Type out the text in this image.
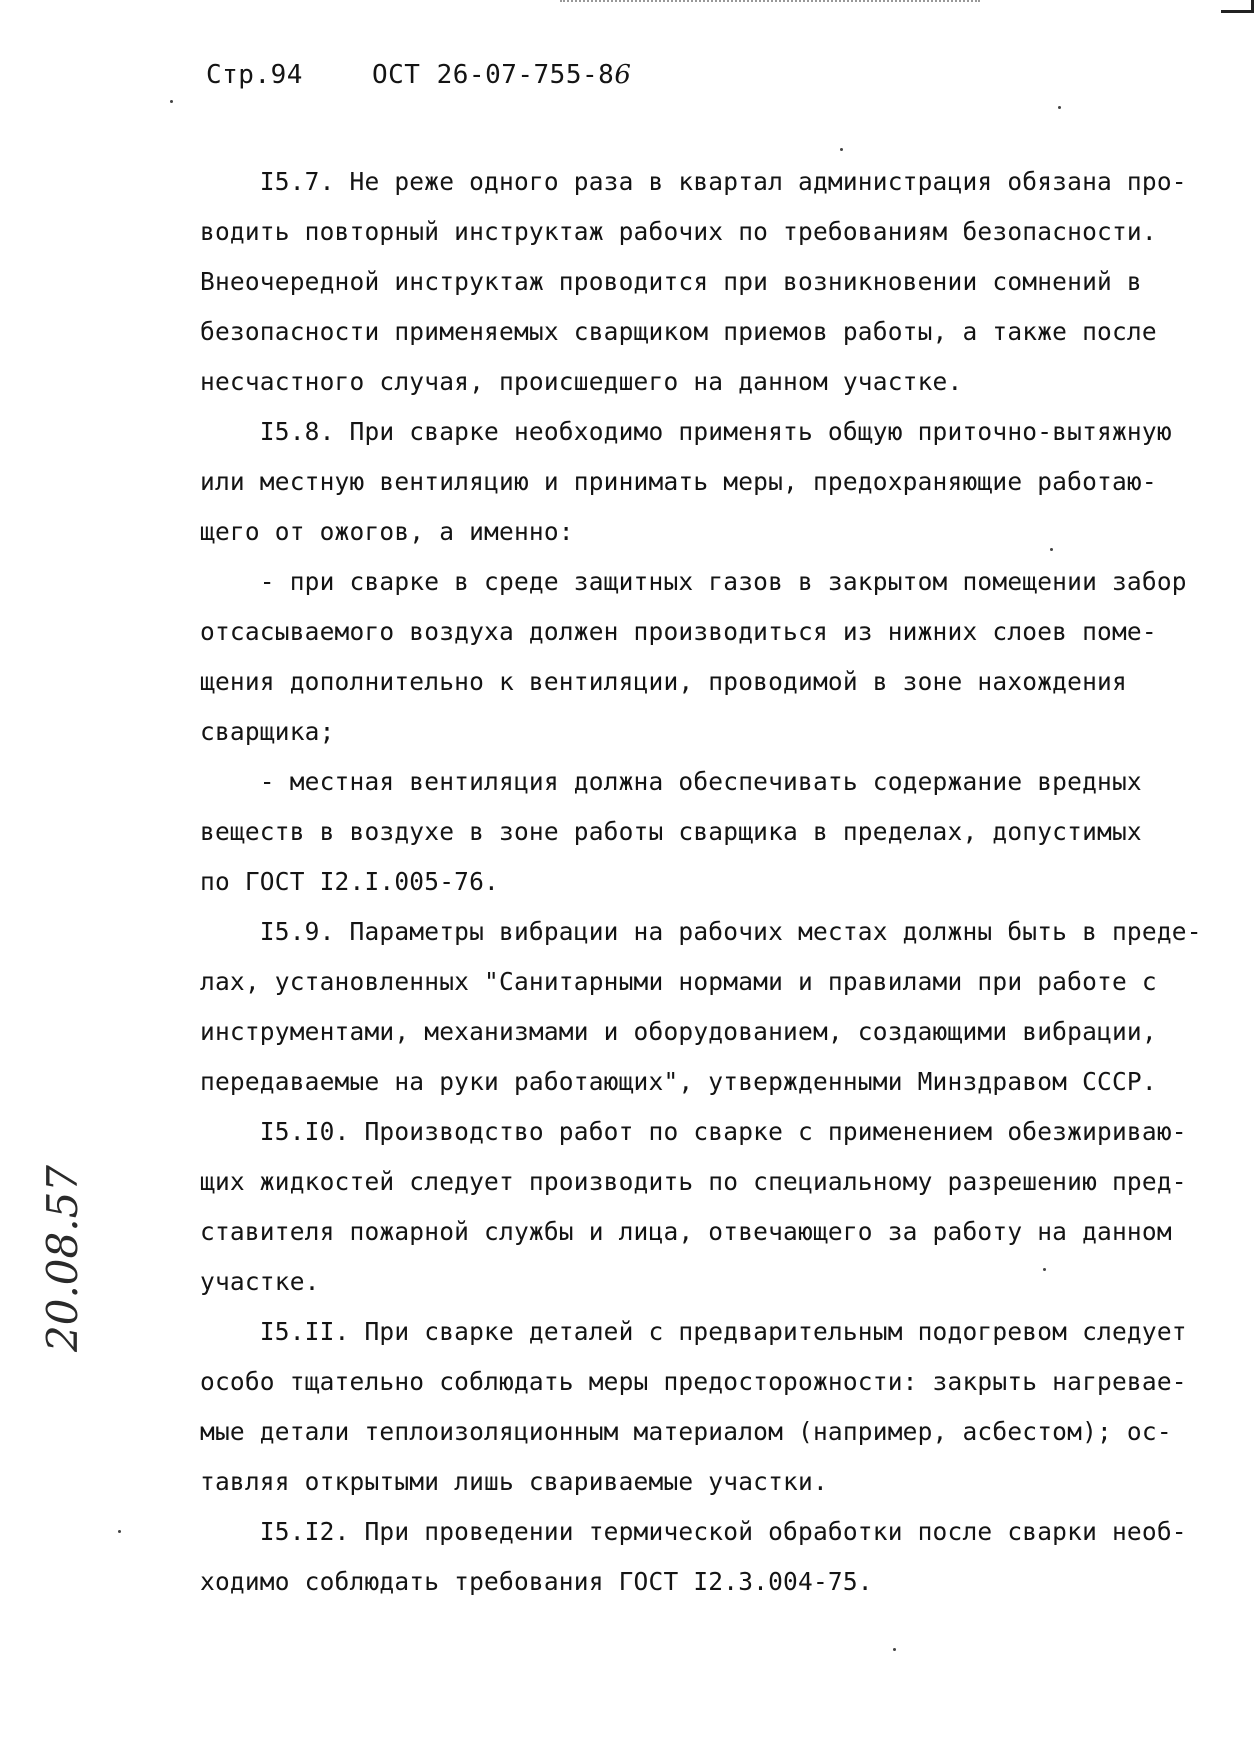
Стр.94	ОСТ 26-07-755-86
I5.7. Не реже одного раза в квартал администрация обязана про-
водить повторный инструктаж рабочих по требованиям безопасности.
Внеочередной инструктаж проводится при возникновении сомнений в
безопасности применяемых сварщиком приемов работы, а также после
несчастного случая, происшедшего на данном участке.
I5.8. При сварке необходимо применять общую приточно-вытяжную
или местную вентиляцию и принимать меры, предохраняющие работаю-
щего от ожогов, а именно:
- при сварке в среде защитных газов в закрытом помещении забор
отсасываемого воздуха должен производиться из нижних слоев поме-
щения дополнительно к вентиляции, проводимой в зоне нахождения
сварщика;
- местная вентиляция должна обеспечивать содержание вредных
веществ в воздухе в зоне работы сварщика в пределах, допустимых
по ГОСТ I2.I.005-76.
I5.9. Параметры вибрации на рабочих местах должны быть в преде-
лах, установленных "Санитарными нормами и правилами при работе с
инструментами, механизмами и оборудованием, создающими вибрации,
передаваемые на руки работающих", утвержденными Минздравом СССР.
I5.I0. Производство работ по сварке с применением обезжириваю-
щих жидкостей следует производить по специальному разрешению пред-
ставителя пожарной службы и лица, отвечающего за работу на данном
участке.
I5.II. При сварке деталей с предварительным подогревом следует
особо тщательно соблюдать меры предосторожности: закрыть нагревае-
мые детали теплоизоляционным материалом (например, асбестом); ос-
тавляя открытыми лишь свариваемые участки.
I5.I2. При проведении термической обработки после сварки необ-
ходимо соблюдать требования ГОСТ I2.3.004-75.
20.08.57
